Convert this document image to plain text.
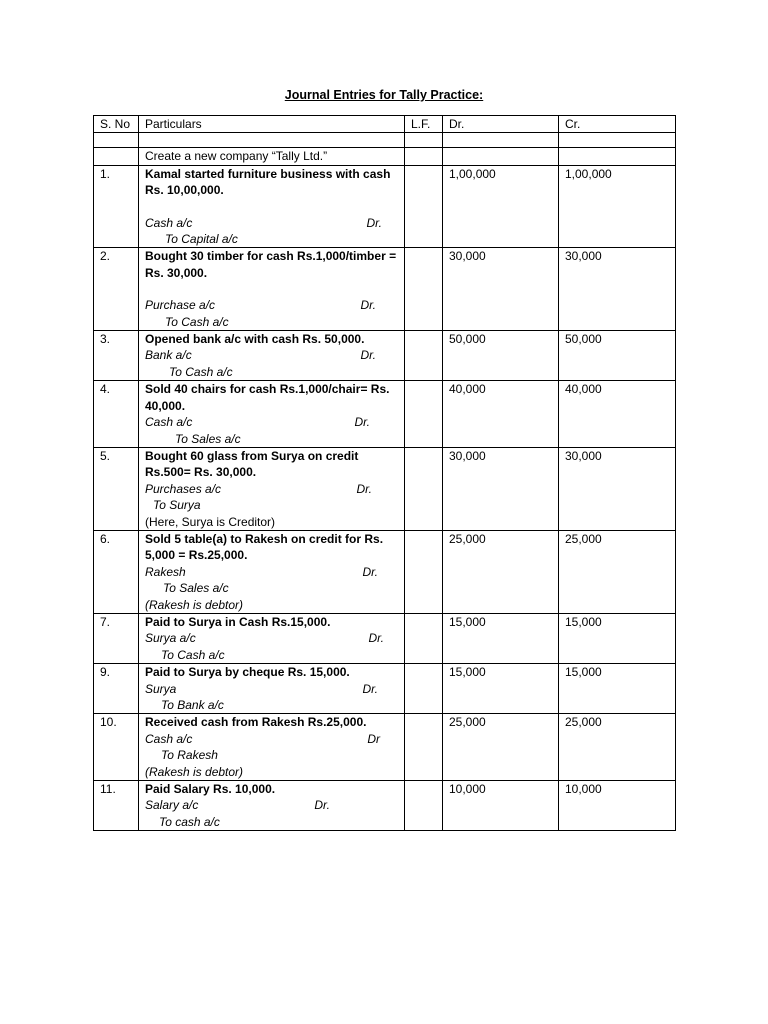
Journal Entries for Tally Practice:
S. No	Particulars	L.F.	Dr.	Cr.

	Create a new company “Tally Ltd.”			
1.	Kamal started furniture business with cash Rs. 10,00,000.
Cash a/c Dr.
To Capital a/c		1,00,000	1,00,000
2.	Bought 30 timber for cash Rs.1,000/timber = Rs. 30,000.
Purchase a/c Dr.
To Cash a/c		30,000	30,000
3.	Opened bank a/c with cash Rs. 50,000.
Bank a/c Dr.
To Cash a/c		50,000	50,000
4.	Sold 40 chairs for cash Rs.1,000/chair= Rs. 40,000.
Cash a/c Dr.
To Sales a/c		40,000	40,000
5.	Bought 60 glass from Surya on credit Rs.500= Rs. 30,000.
Purchases a/c Dr.
To Surya
(Here, Surya is Creditor)		30,000	30,000
6.	Sold 5 table(a) to Rakesh on credit for Rs. 5,000 = Rs.25,000.
Rakesh Dr.
To Sales a/c
(Rakesh is debtor)		25,000	25,000
7.	Paid to Surya in Cash Rs.15,000.
Surya a/c Dr.
To Cash a/c		15,000	15,000
9.	Paid to Surya by cheque Rs. 15,000.
Surya Dr.
To Bank a/c		15,000	15,000
10.	Received cash from Rakesh Rs.25,000.
Cash a/c Dr
To Rakesh
(Rakesh is debtor)		25,000	25,000
11.	Paid Salary Rs. 10,000.
Salary a/c Dr.
To cash a/c		10,000	10,000
